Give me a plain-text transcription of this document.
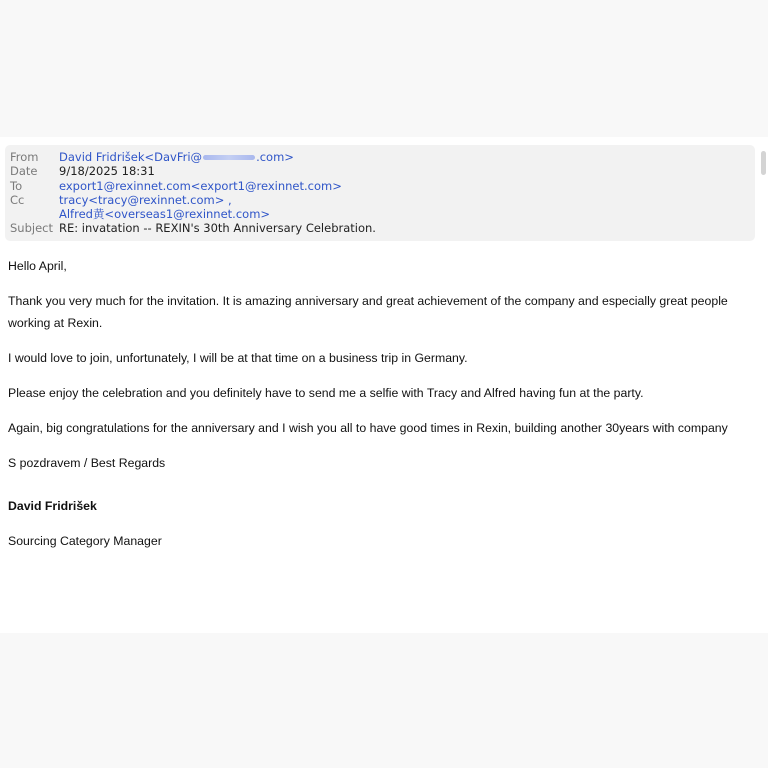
From	David Fridrišek<DavFri@	.com>
Date	9/18/2025 18:31
To	export1@rexinnet.com<export1@rexinnet.com>
Cc	tracy<tracy@rexinnet.com> ,
Alfred黄<overseas1@rexinnet.com>
Subject RE: invatation -- REXIN's 30th Anniversary Celebration.

Hello April,

Thank you very much for the invitation. It is amazing anniversary and great achievement of the company and especially great people working at Rexin.

I would love to join, unfortunately, I will be at that time on a business trip in Germany.

Please enjoy the celebration and you definitely have to send me a selfie with Tracy and Alfred having fun at the party.

Again, big congratulations for the anniversary and I wish you all to have good times in Rexin, building another 30years with company

S pozdravem / Best Regards

David Fridrišek

Sourcing Category Manager
